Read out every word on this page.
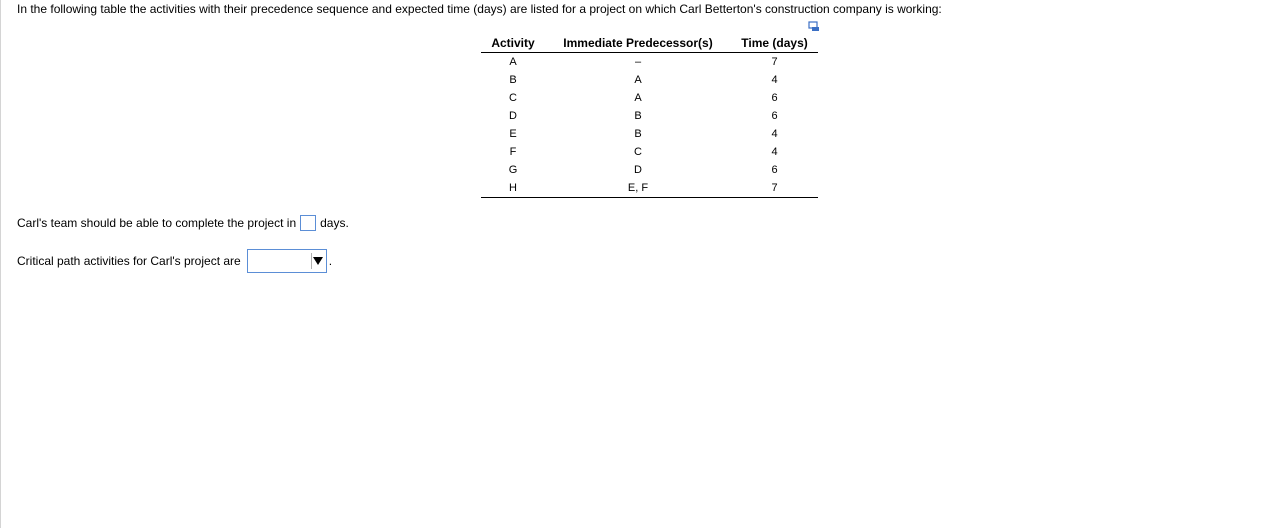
In the following table the activities with their precedence sequence and expected time (days) are listed for a project on which Carl Betterton's construction company is working:
Activity	Immediate Predecessor(s)	Time (days)
A	–	7
B	A	4
C	A	6
D	B	6
E	B	4
F	C	4
G	D	6
H	E, F	7
Carl's team should be able to complete the project in days.
Critical path activities for Carl's project are	.
